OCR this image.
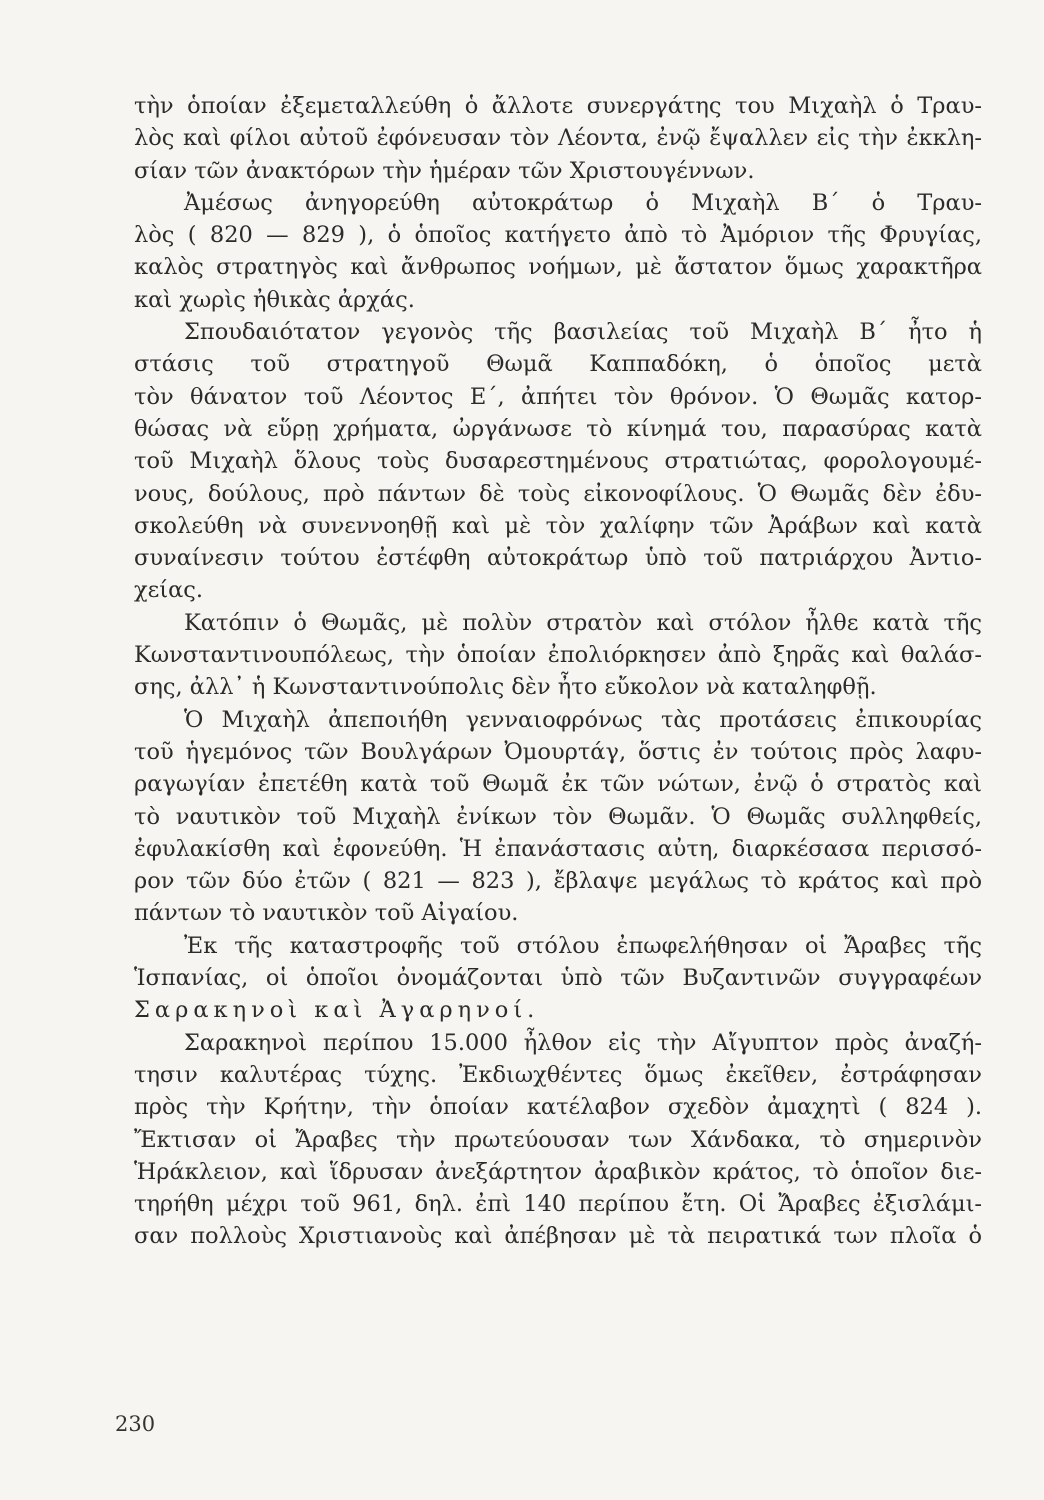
τὴν ὁποίαν ἐξεμεταλλεύθη ὁ ἄλλοτε συνεργάτης του Μιχαὴλ ὁ Τραυ-
λὸς καὶ φίλοι αὐτοῦ ἐφόνευσαν τὸν Λέοντα, ἐνῷ ἔψαλλεν εἰς τὴν ἐκκλη-
σίαν τῶν ἀνακτόρων τὴν ἡμέραν τῶν Χριστουγέννων.
Ἀμέσως ἀνηγορεύθη αὐτοκράτωρ ὁ Μιχαὴλ Β΄ ὁ Τραυ-
λὸς ( 820 — 829 ), ὁ ὁποῖος κατήγετο ἀπὸ τὸ Ἀμόριον τῆς Φρυγίας,
καλὸς στρατηγὸς καὶ ἄνθρωπος νοήμων, μὲ ἄστατον ὅμως χαρακτῆρα
καὶ χωρὶς ἠθικὰς ἀρχάς.
Σπουδαιότατον γεγονὸς τῆς βασιλείας τοῦ Μιχαὴλ Β΄ ἦτο ἡ
στάσις τοῦ στρατηγοῦ Θωμᾶ Καππαδόκη, ὁ ὁποῖος μετὰ
τὸν θάνατον τοῦ Λέοντος Ε΄, ἀπήτει τὸν θρόνον. Ὁ Θωμᾶς κατορ-
θώσας νὰ εὕρῃ χρήματα, ὠργάνωσε τὸ κίνημά του, παρασύρας κατὰ
τοῦ Μιχαὴλ ὅλους τοὺς δυσαρεστημένους στρατιώτας, φορολογουμέ-
νους, δούλους, πρὸ πάντων δὲ τοὺς εἰκονοφίλους. Ὁ Θωμᾶς δὲν ἐδυ-
σκολεύθη νὰ συνεννοηθῇ καὶ μὲ τὸν χαλίφην τῶν Ἀράβων καὶ κατὰ
συναίνεσιν τούτου ἐστέφθη αὐτοκράτωρ ὑπὸ τοῦ πατριάρχου Ἀντιο-
χείας.
Κατόπιν ὁ Θωμᾶς, μὲ πολὺν στρατὸν καὶ στόλον ἦλθε κατὰ τῆς
Κωνσταντινουπόλεως, τὴν ὁποίαν ἐπολιόρκησεν ἀπὸ ξηρᾶς καὶ θαλάσ-
σης, ἀλλ᾽ ἡ Κωνσταντινούπολις δὲν ἦτο εὔκολον νὰ καταληφθῇ.
Ὁ Μιχαὴλ ἀπεποιήθη γενναιοφρόνως τὰς προτάσεις ἐπικουρίας
τοῦ ἡγεμόνος τῶν Βουλγάρων Ὀμουρτάγ, ὅστις ἐν τούτοις πρὸς λαφυ-
ραγωγίαν ἐπετέθη κατὰ τοῦ Θωμᾶ ἐκ τῶν νώτων, ἐνῷ ὁ στρατὸς καὶ
τὸ ναυτικὸν τοῦ Μιχαὴλ ἐνίκων τὸν Θωμᾶν. Ὁ Θωμᾶς συλληφθείς,
ἐφυλακίσθη καὶ ἐφονεύθη. Ἡ ἐπανάστασις αὐτη, διαρκέσασα περισσό-
ρον τῶν δύο ἐτῶν ( 821 — 823 ), ἔβλαψε μεγάλως τὸ κράτος καὶ πρὸ
πάντων τὸ ναυτικὸν τοῦ Αἰγαίου.
Ἐκ τῆς καταστροφῆς τοῦ στόλου ἐπωφελήθησαν οἱ Ἄραβες τῆς
Ἱσπανίας, οἱ ὁποῖοι ὀνομάζονται ὑπὸ τῶν Βυζαντινῶν συγγραφέων
Σαρακηνοὶ καὶ Ἀγαρηνοί.
Σαρακηνοὶ περίπου 15.000 ἦλθον εἰς τὴν Αἴγυπτον πρὸς ἀναζή-
τησιν καλυτέρας τύχης. Ἐκδιωχθέντες ὅμως ἐκεῖθεν, ἐστράφησαν
πρὸς τὴν Κρήτην, τὴν ὁποίαν κατέλαβον σχεδὸν ἀμαχητὶ ( 824 ).
Ἔκτισαν οἱ Ἄραβες τὴν πρωτεύουσαν των Χάνδακα, τὸ σημερινὸν
Ἡράκλειον, καὶ ἵδρυσαν ἀνεξάρτητον ἀραβικὸν κράτος, τὸ ὁποῖον διε-
τηρήθη μέχρι τοῦ 961, δηλ. ἐπὶ 140 περίπου ἔτη. Οἱ Ἄραβες ἐξισλάμι-
σαν πολλοὺς Χριστιανοὺς καὶ ἀπέβησαν μὲ τὰ πειρατικά των πλοῖα ὁ
230
